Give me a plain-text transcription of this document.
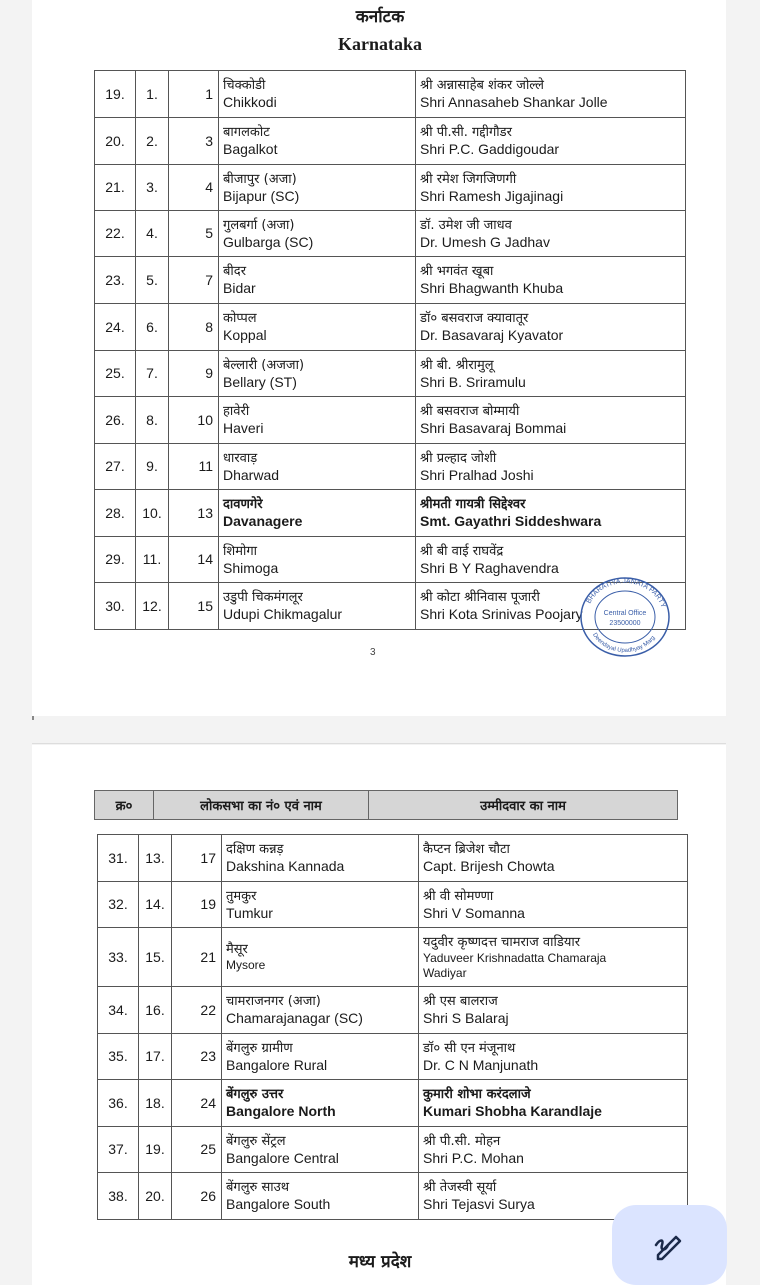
कर्नाटक
Karnataka
19.	1.	1	चिक्कोडी
Chikkodi	श्री अन्नासाहेब शंकर जोल्ले
Shri Annasaheb Shankar Jolle

20.	2.	3	बागलकोट
Bagalkot	श्री पी.सी. गद्दीगौडर
Shri P.C. Gaddigoudar

21.	3.	4	बीजापुर (अजा)
Bijapur (SC)	श्री रमेश जिगजिणगी
Shri Ramesh Jigajinagi

22.	4.	5	गुलबर्गा (अजा)
Gulbarga (SC)	डॉ. उमेश जी जाधव
Dr. Umesh G Jadhav

23.	5.	7	बीदर
Bidar	श्री भगवंत खूबा
Shri Bhagwanth Khuba

24.	6.	8	कोप्पल
Koppal	डॉ० बसवराज क्यावातूर
Dr. Basavaraj Kyavator

25.	7.	9	बेल्लारी (अजजा)
Bellary (ST)	श्री बी. श्रीरामुलू
Shri B. Sriramulu

26.	8.	10	हावेरी
Haveri	श्री बसवराज बोम्मायी
Shri Basavaraj Bommai

27.	9.	11	धारवाड़
Dharwad	श्री प्रल्हाद जोशी
Shri Pralhad Joshi

28.	10.	13	दावणगेरे
Davanagere	श्रीमती गायत्री सिद्देश्वर
Smt. Gayathri Siddeshwara

29.	11.	14	शिमोगा
Shimoga	श्री बी वाई राघवेंद्र
Shri B Y Raghavendra

30.	12.	15	उडुपी चिकमंगलूर
Udupi Chikmagalur	श्री कोटा श्रीनिवास पूजारी
Shri Kota Srinivas Poojary
BHARATIYA JANATA PARTY
Central Office
23500000
Deendayal Upadhyay Marg
3
क्र०	लोकसभा का नं० एवं नाम	उम्मीदवार का नाम
31.	13.	17	दक्षिण कन्नड़
Dakshina Kannada	कैप्टन ब्रिजेश चौटा
Capt. Brijesh Chowta

32.	14.	19	तुमकुर
Tumkur	श्री वी सोमण्णा
Shri V Somanna

33.	15.	21	मैसूर
Mysore	यदुवीर कृष्णदत्त चामराज वाडियार
Yaduveer Krishnadatta Chamaraja
Wadiyar

34.	16.	22	चामराजनगर (अजा)
Chamarajanagar (SC)	श्री एस बालराज
Shri S Balaraj

35.	17.	23	बेंगलुरु ग्रामीण
Bangalore Rural	डॉ० सी एन मंजूनाथ
Dr. C N Manjunath

36.	18.	24	बेंगलुरु उत्तर
Bangalore North	कुमारी शोभा करंदलाजे
Kumari Shobha Karandlaje

37.	19.	25	बेंगलुरु सेंट्रल
Bangalore Central	श्री पी.सी. मोहन
Shri P.C. Mohan

38.	20.	26	बेंगलुरु साउथ
Bangalore South	श्री तेजस्वी सूर्या
Shri Tejasvi Surya
मध्य प्रदेश
